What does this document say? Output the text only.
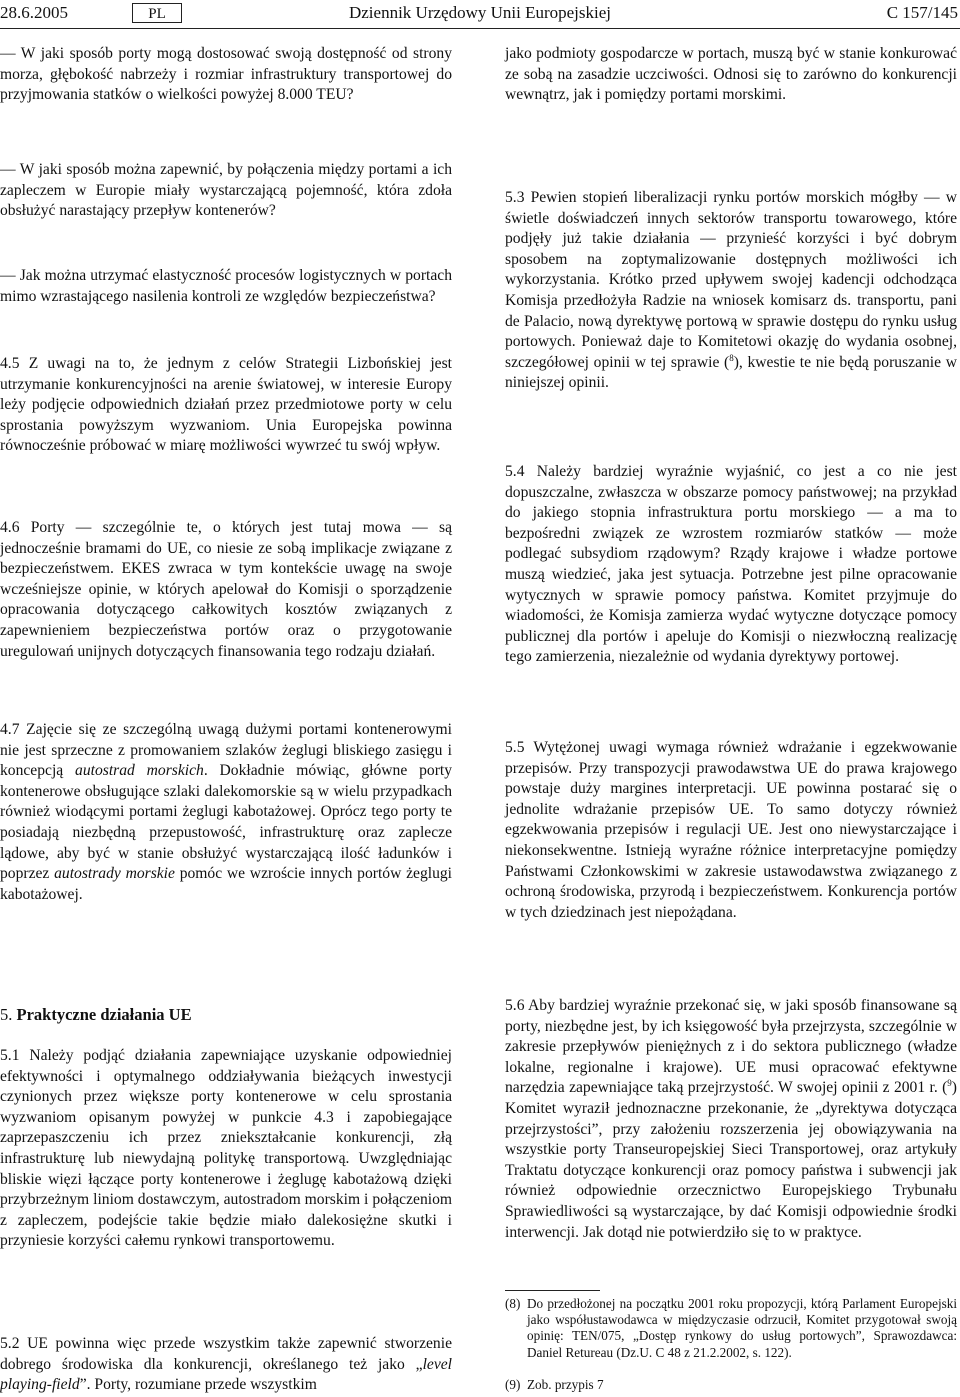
28.6.2005	PL	Dziennik Urzędowy Unii Europejskiej	C 157/145

— W jaki sposób porty mogą dostosować swoją dostępność od strony morza, głębokość nabrzeży i rozmiar infrastruktury transportowej do przyjmowania statków o wielkości powyżej 8.000 TEU?

— W jaki sposób można zapewnić, by połączenia między portami a ich zapleczem w Europie miały wystarczającą pojemność, która zdoła obsłużyć narastający przepływ kontenerów?

— Jak można utrzymać elastyczność procesów logistycznych w portach mimo wzrastającego nasilenia kontroli ze względów bezpieczeństwa?

4.5 Z uwagi na to, że jednym z celów Strategii Lizbońskiej jest utrzymanie konkurencyjności na arenie światowej, w interesie Europy leży podjęcie odpowiednich działań przez przedmiotowe porty w celu sprostania powyższym wyzwaniom. Unia Europejska powinna równocześnie próbować w miarę możliwości wywrzeć tu swój wpływ.

4.6 Porty — szczególnie te, o których jest tutaj mowa — są jednocześnie bramami do UE, co niesie ze sobą implikacje związane z bezpieczeństwem. EKES zwraca w tym kontekście uwagę na swoje wcześniejsze opinie, w których apelował do Komisji o sporządzenie opracowania dotyczącego całkowitych kosztów związanych z zapewnieniem bezpieczeństwa portów oraz o przygotowanie uregulowań unijnych dotyczących finansowania tego rodzaju działań.

4.7 Zajęcie się ze szczególną uwagą dużymi portami kontenerowymi nie jest sprzeczne z promowaniem szlaków żeglugi bliskiego zasięgu i koncepcją autostrad morskich. Dokładnie mówiąc, główne porty kontenerowe obsługujące szlaki dalekomorskie są w wielu przypadkach również wiodącymi portami żeglugi kabotażowej. Oprócz tego porty te posiadają niezbędną przepustowość, infrastrukturę oraz zaplecze lądowe, aby być w stanie obsłużyć wystarczającą ilość ładunków i poprzez autostrady morskie pomóc we wzroście innych portów żeglugi kabotażowej.

5. Praktyczne działania UE

5.1 Należy podjąć działania zapewniające uzyskanie odpowiedniej efektywności i optymalnego oddziaływania bieżących inwestycji czynionych przez większe porty kontenerowe w celu sprostania wyzwaniom opisanym powyżej w punkcie 4.3 i zapobiegające zaprzepaszczeniu ich przez zniekształcanie konkurencji, złą infrastrukturę lub niewydajną politykę transportową. Uwzględniając bliskie więzi łączące porty kontenerowe i żeglugę kabotażową dzięki przybrzeżnym liniom dostawczym, autostradom morskim i połączeniom z zapleczem, podejście takie będzie miało dalekosiężne skutki i przyniesie korzyści całemu rynkowi transportowemu.

5.2 UE powinna więc przede wszystkim także zapewnić stworzenie dobrego środowiska dla konkurencji, określanego też jako „level playing-field”. Porty, rozumiane przede wszystkim

jako podmioty gospodarcze w portach, muszą być w stanie konkurować ze sobą na zasadzie uczciwości. Odnosi się to zarówno do konkurencji wewnątrz, jak i pomiędzy portami morskimi.

5.3 Pewien stopień liberalizacji rynku portów morskich mógłby — w świetle doświadczeń innych sektorów transportu towarowego, które podjęły już takie działania — przynieść korzyści i być dobrym sposobem na zoptymalizowanie dostępnych możliwości ich wykorzystania. Krótko przed upływem swojej kadencji odchodząca Komisja przedłożyła Radzie na wniosek komisarz ds. transportu, pani de Palacio, nową dyrektywę portową w sprawie dostępu do rynku usług portowych. Ponieważ daje to Komitetowi okazję do wydania osobnej, szczegółowej opinii w tej sprawie ($^8$), kwestie te nie będą poruszanie w niniejszej opinii.

5.4 Należy bardziej wyraźnie wyjaśnić, co jest a co nie jest dopuszczalne, zwłaszcza w obszarze pomocy państwowej; na przykład do jakiego stopnia infrastruktura portu morskiego — a ma to bezpośredni związek ze wzrostem rozmiarów statków — może podlegać subsydiom rządowym? Rządy krajowe i władze portowe muszą wiedzieć, jaka jest sytuacja. Potrzebne jest pilne opracowanie wytycznych w sprawie pomocy państwa. Komitet przyjmuje do wiadomości, że Komisja zamierza wydać wytyczne dotyczące pomocy publicznej dla portów i apeluje do Komisji o niezwłoczną realizację tego zamierzenia, niezależnie od wydania dyrektywy portowej.

5.5 Wytężonej uwagi wymaga również wdrażanie i egzekwowanie przepisów. Przy transpozycji prawodawstwa UE do prawa krajowego powstaje duży margines interpretacji. UE powinna postarać się o jednolite wdrażanie przepisów UE. To samo dotyczy również egzekwowania przepisów i regulacji UE. Jest ono niewystarczające i niekonsekwentne. Istnieją wyraźne różnice interpretacyjne pomiędzy Państwami Członkowskimi w zakresie ustawodawstwa związanego z ochroną środowiska, przyrodą i bezpieczeństwem. Konkurencja portów w tych dziedzinach jest niepożądana.

5.6 Aby bardziej wyraźnie przekonać się, w jaki sposób finansowane są porty, niezbędne jest, by ich księgowość była przejrzysta, szczególnie w zakresie przepływów pieniężnych z i do sektora publicznego (władze lokalne, regionalne i krajowe). UE musi opracować efektywne narzędzia zapewniające taką przejrzystość. W swojej opinii z 2001 r. ($^9$) Komitet wyraził jednoznaczne przekonanie, że „dyrektywa dotycząca przejrzystości”, przy założeniu rozszerzenia jej obowiązywania na wszystkie porty Transeuropejskiej Sieci Transportowej, oraz artykuły Traktatu dotyczące konkurencji oraz pomocy państwa i subwencji jak również odpowiednie orzecznictwo Europejskiego Trybunału Sprawiedliwości są wystarczające, by dać Komisji odpowiednie środki interwencji. Jak dotąd nie potwierdziło się to w praktyce.

(8) Do przedłożonej na początku 2001 roku propozycji, którą Parlament Europejski jako współustawodawca w międzyczasie odrzucił, Komitet przygotował swoją opinię: TEN/075, „Dostęp rynkowy do usług portowych”, Sprawozdawca: Daniel Retureau (Dz.U. C 48 z 21.2.2002, s. 122).

(9) Zob. przypis 7
